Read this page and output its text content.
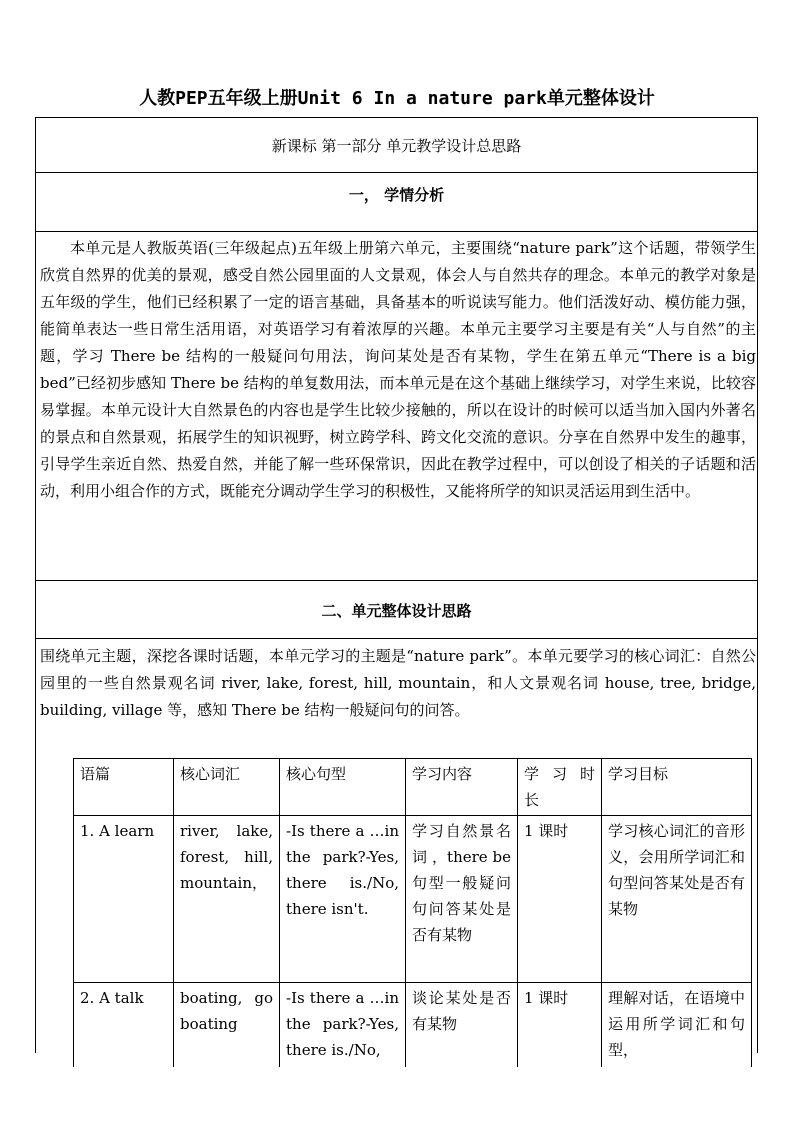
人教PEP五年级上册Unit 6 In a nature park单元整体设计
新课标 第一部分 单元教学设计总思路
一， 学情分析
本单元是人教版英语(三年级起点)五年级上册第六单元，主要围绕“nature park”这个话题，带领学生欣赏自然界的优美的景观，感受自然公园里面的人文景观，体会人与自然共存的理念。本单元的教学对象是五年级的学生，他们已经积累了一定的语言基础，具备基本的听说读写能力。他们活泼好动、模仿能力强，能简单表达一些日常生活用语，对英语学习有着浓厚的兴趣。本单元主要学习主要是有关“人与自然”的主题，学习 There be 结构的一般疑问句用法，询问某处是否有某物，学生在第五单元“There is a big bed”已经初步感知 There be 结构的单复数用法，而本单元是在这个基础上继续学习，对学生来说，比较容易掌握。本单元设计大自然景色的内容也是学生比较少接触的，所以在设计的时候可以适当加入国内外著名的景点和自然景观，拓展学生的知识视野，树立跨学科、跨文化交流的意识。分享在自然界中发生的趣事，引导学生亲近自然、热爱自然，并能了解一些环保常识，因此在教学过程中，可以创设了相关的子话题和活动，利用小组合作的方式，既能充分调动学生学习的积极性，又能将所学的知识灵活运用到生活中。
二、单元整体设计思路
围绕单元主题，深挖各课时话题，本单元学习的主题是“nature park”。本单元要学习的核心词汇：自然公园里的一些自然景观名词 river, lake, forest, hill, mountain，和人文景观名词 house, tree, bridge, building, village 等，感知 There be 结构一般疑问句的问答。
语篇	核心词汇	核心句型	学习内容	学 习 时 长	学习目标
1. A learn	river, lake, forest, hill, mountain，	-Is there a …in the park?-Yes, there is./No, there isn't.	学习自然景名 词 ，there be 句型一般疑问句问答某处是否有某物	1 课时	学习核心词汇的音形义，会用所学词汇和句型问答某处是否有某物
2. A talk	boating, go boating	-Is there a …in the park?-Yes, there is./No,	谈论某处是否有某物	1 课时	理解对话，在语境中运用所学词汇和句型，
